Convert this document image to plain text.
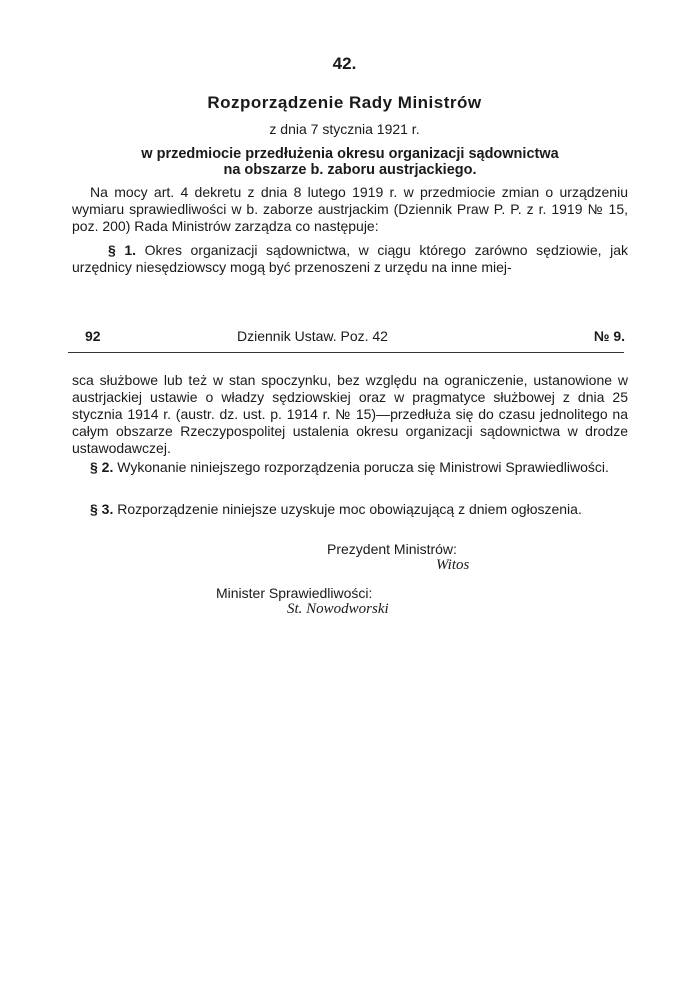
42.
Rozporządzenie Rady Ministrów
z dnia 7 stycznia 1921 r.
w przedmiocie przedłużenia okresu organizacji sądownictwa
na obszarze b. zaboru austrjackiego.
Na mocy art. 4 dekretu z dnia 8 lutego 1919 r. w przedmiocie zmian o urządzeniu wymiaru sprawiedliwości w b. zaborze austrjackim (Dziennik Praw P. P. z r. 1919 № 15, poz. 200) Rada Ministrów zarządza co następuje:
§ 1. Okres organizacji sądownictwa, w ciągu którego zarówno sędziowie, jak urzędnicy niesędziowscy mogą być przenoszeni z urzędu na inne miej-
92	Dziennik Ustaw. Poz. 42	№ 9.
sca służbowe lub też w stan spoczynku, bez względu na ograniczenie, ustanowione w austrjackiej ustawie o władzy sędziowskiej oraz w pragmatyce służbowej z dnia 25 stycznia 1914 r. (austr. dz. ust. p. 1914 r. № 15)—przedłuża się do czasu jednolitego na całym obszarze Rzeczypospolitej ustalenia okresu organizacji sądownictwa w drodze ustawodawczej.
§ 2. Wykonanie niniejszego rozporządzenia porucza się Ministrowi Sprawiedliwości.
§ 3. Rozporządzenie niniejsze uzyskuje moc obowiązującą z dniem ogłoszenia.
Prezydent Ministrów:
Witos
Minister Sprawiedliwości:
St. Nowodworski
